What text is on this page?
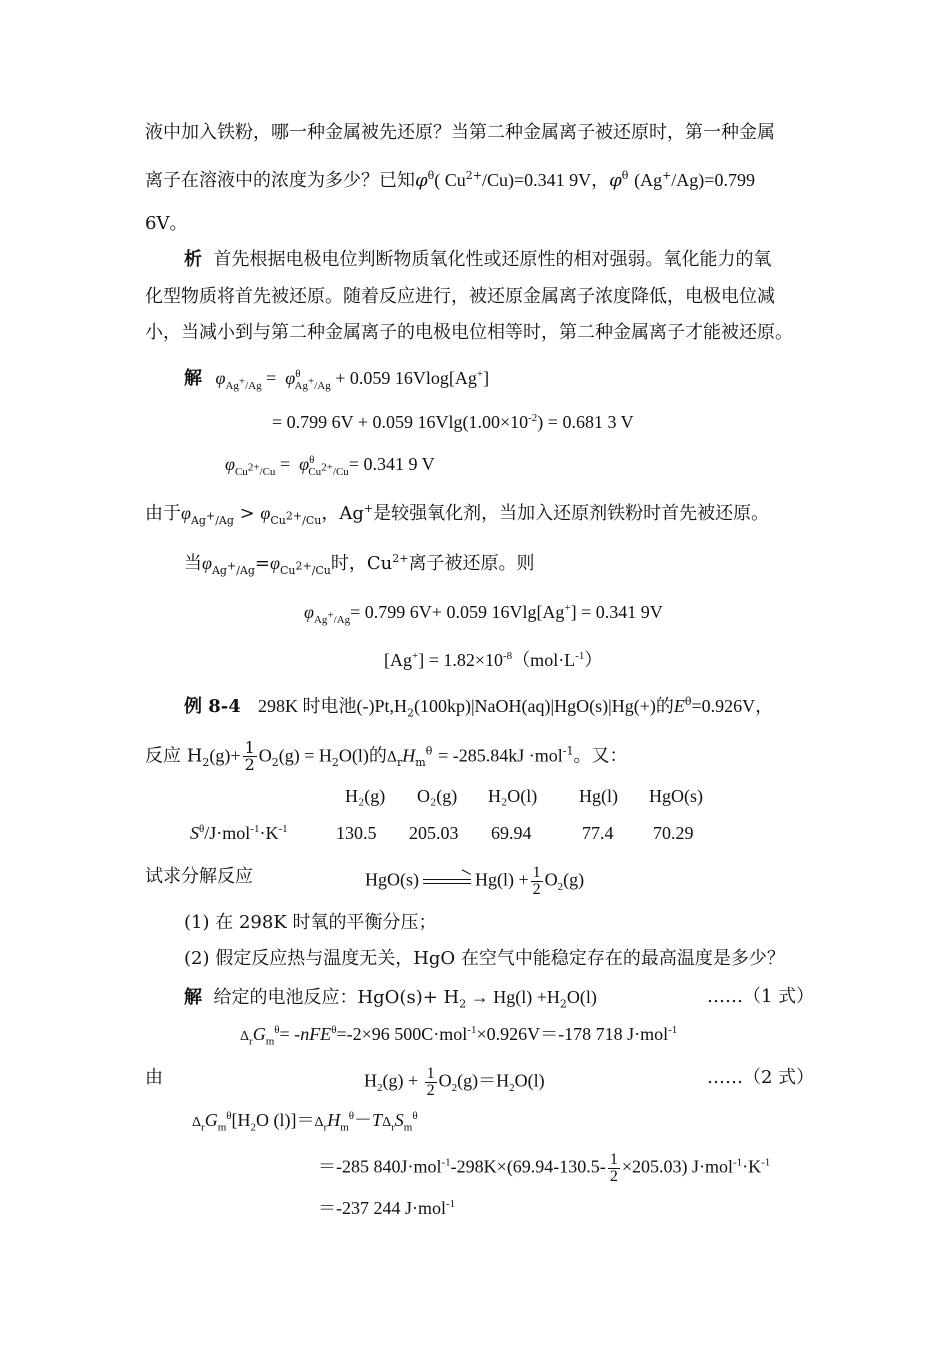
液中加入铁粉，哪一种金属被先还原？当第二种金属离子被还原时，第一种金属
离子在溶液中的浓度为多少？已知$\varphi^\theta$( $Cu^{2+}/Cu)=0.341$ 9V，$\varphi^\theta$ (Ag+/Ag)=0.799
6V。
析 首先根据电极电位判断物质氧化性或还原性的相对强弱。氧化能力的氧
化型物质将首先被还原。随着反应进行，被还原金属离子浓度降低，电极电位减
小，当减小到与第二种金属离子的电极电位相等时，第二种金属离子才能被还原。
解 $\varphi_{Ag^+/Ag} = \varphi^\theta_{Ag^+/Ag} + 0.059$ 16Vlog[Ag+]
= 0.799 6V + 0.059 $16Vlg(1.00\times 10^{-2}) = 0.681$ 3 V
$\varphi_{Cu^{2+}/Cu} = \varphi^\theta_{Cu^{2+}/Cu}= 0.341$ 9 V
由于$\varphi_{Ag^+/Ag} > \varphi_{Cu^{2+}/Cu}$，Ag+是较强氧化剂，当加入还原剂铁粉时首先被还原。
当$\varphi_{Ag^+/Ag}=\varphi_{Cu^{2+}/Cu}$时，$Cu^{2+}$离子被还原。则
$\varphi_{Ag^+/Ag}= 0.799$ 6V+ 0.059 16Vlg[Ag+] = 0.341 9V
$[Ag^+] = 1.82\times 10^{-8}(mol\cdot L^{-1})$
例 8-4 298K 时电池$(-)Pt,H_2(100kp)|NaOH(aq)|HgO(s)|Hg(+)$的$E^\theta=0.926V$，
反应 $H_2(g)+ \frac{1}{2} O_2(g) = H_2O(l)$的$\Delta_rH_m^\theta = -285.84kJ \cdot mol^{-1}$。又：
H₂(g) O₂(g) H₂O(l) Hg(l) HgO(s)
$S^\theta/J\cdot mol^{-1}\cdot K^{-1}$	130.5 205.03 69.94	77.4 70.29
试求分解反应	$HgO(s) \to Hg(l) + \frac{1}{2} O_2(g)$
(1) 在 298K 时氧的平衡分压；
(2) 假定反应热与温度无关，HgO 在空气中能稳定存在的最高温度是多少？
解 给定的电池反应：$HgO(s)+ H_2 \to Hg(l) +H_2O(l)$	……（1 式）
$\Delta_rG_m^\theta= -nFE^\theta=-2\times 96$ 500C·mol$^{-1}$×0.926V＝-178 718 J·mol$^{-1}$
由	$H_2(g) + \frac{1}{2} O_2(g)=H_2O(l)$	……（2 式）
$\Delta_rG_m^\theta[H_2O$ $(l)]=\Delta_rH_m^\theta-T\Delta_rS_m^\theta$
＝-285 $840J\cdot mol^{-1}-298K\times(69.94-130.5- \frac{1}{2} \times 205.03)$ $J\cdot mol^{-1}\cdot K^{-1}$
＝-237 244 J·mol$^{-1}$
